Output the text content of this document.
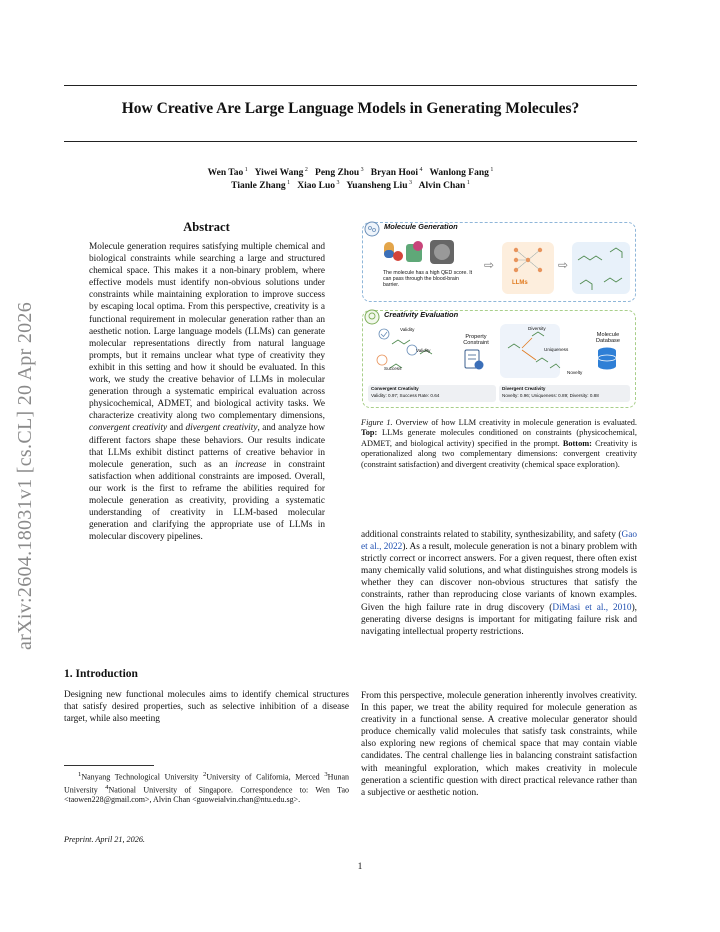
arXiv:2604.18031v1 [cs.CL] 20 Apr 2026
How Creative Are Large Language Models in Generating Molecules?
Wen Tao $^1$  Yiwei Wang $^2$  Peng Zhou $^3$  Bryan Hooi $^4$  Wanlong Fang $^1$
Tianle Zhang $^1$  Xiao Luo $^3$  Yuansheng Liu $^3$  Alvin Chan $^1$
Abstract
Molecule generation requires satisfying multiple chemical and biological constraints while searching a large and structured chemical space. This makes it a non-binary problem, where effective models must identify non-obvious solutions under constraints while maintaining exploration to improve success by escaping local optima. From this perspective, creativity is a functional requirement in molecular generation rather than an aesthetic notion. Large language models (LLMs) can generate molecular representations directly from natural language prompts, but it remains unclear what type of creativity they exhibit in this setting and how it should be evaluated. In this work, we study the creative behavior of LLMs in molecular generation through a systematic empirical evaluation across physicochemical, ADMET, and biological activity tasks. We characterize creativity along two complementary dimensions, convergent creativity and divergent creativity, and analyze how different factors shape these behaviors. Our results indicate that LLMs exhibit distinct patterns of creative behavior in molecule generation, such as an increase in constraint satisfaction when additional constraints are imposed. Overall, our work is the first to reframe the abilities required for molecule generation as creativity, providing a systematic understanding of creativity in LLM-based molecular generation and clarifying the appropriate use of LLMs in molecular discovery pipelines.
1. Introduction
Designing new functional molecules aims to identify chemical structures that satisfy desired properties, such as selective inhibition of a disease target, while also meeting
$^1$Nanyang Technological University $^2$University of California, Merced $^3$Hunan University $^4$National University of Singapore. Correspondence to: Wen Tao <taowen228@gmail.com>, Alvin Chan <guoweialvin.chan@ntu.edu.sg>.
Preprint. April 21, 2026.
Molecule Generation
The molecule has a high QED score. It can pass through the blood-brain barrier.
⇨
LLMs
⇨
Creativity Evaluation
Validity
Validity
Success
Property Constraint
Diversity
Uniqueness
Novelty
Molecule Database
Convergent Creativity
Validity: 0.97; Success Rate: 0.64
Divergent Creativity
Novelty: 0.96; Uniqueness: 0.89; Diversity: 0.88
Figure 1. Overview of how LLM creativity in molecule generation is evaluated. Top: LLMs generate molecules conditioned on constraints (physicochemical, ADMET, and biological activity) specified in the prompt. Bottom: Creativity is operationalized along two complementary dimensions: convergent creativity (constraint satisfaction) and divergent creativity (chemical space exploration).
additional constraints related to stability, synthesizability, and safety (Gao et al., 2022). As a result, molecule generation is not a binary problem with strictly correct or incorrect answers. For a given request, there often exist many chemically valid solutions, and what distinguishes strong models is whether they can discover non-obvious structures that satisfy the constraints, rather than reproducing close variants of known examples. Given the high failure rate in drug discovery (DiMasi et al., 2010), generating diverse designs is important for mitigating failure risk and navigating intellectual property restrictions.
From this perspective, molecule generation inherently involves creativity. In this paper, we treat the ability required for molecule generation as creativity in a functional sense. A creative molecular generator should produce chemically valid molecules that satisfy task constraints, while also exploring new regions of chemical space that may contain viable candidates. The central challenge lies in balancing constraint satisfaction with meaningful exploration, which makes creativity in molecule generation a scientific question with direct practical relevance rather than a subjective or aesthetic notion.
1
